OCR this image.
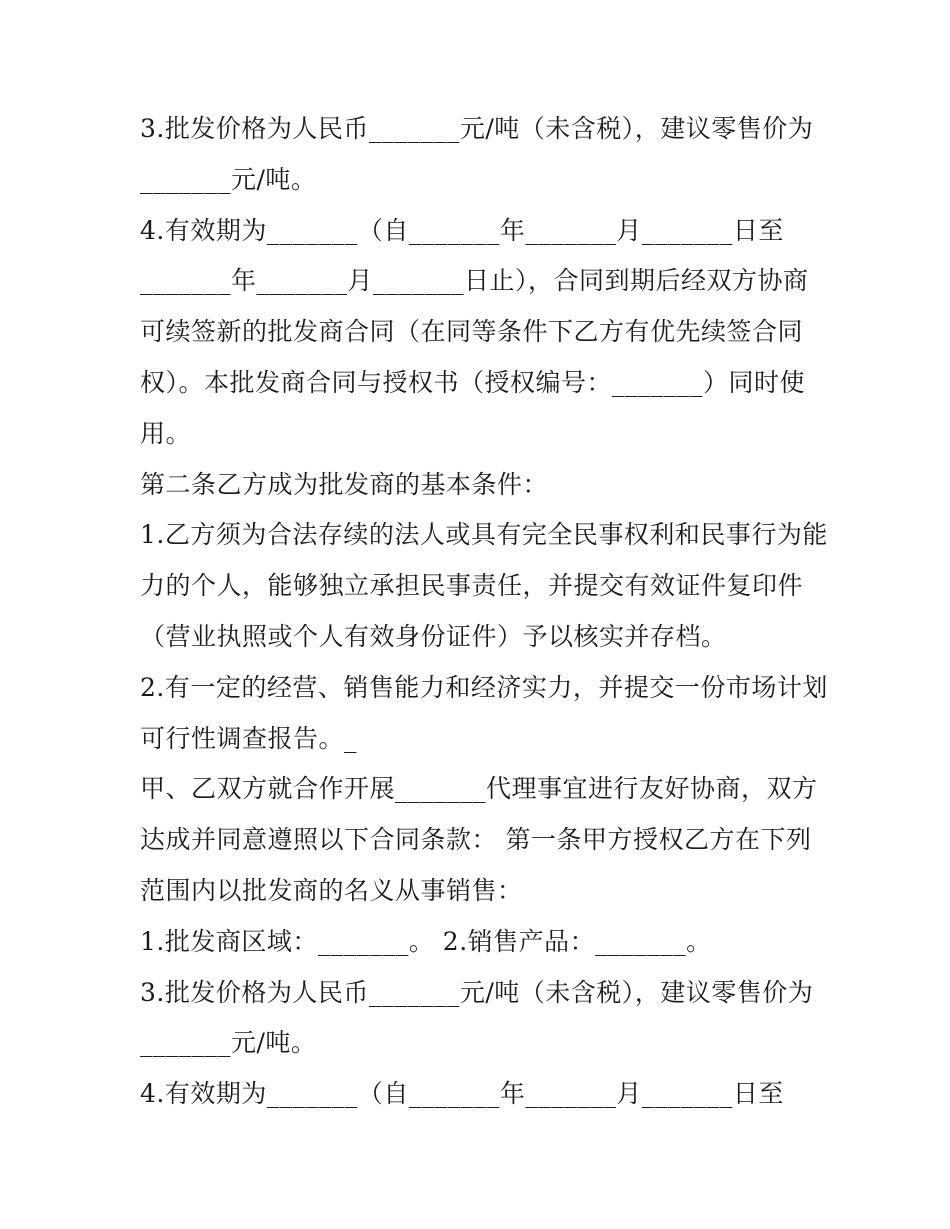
3.批发价格为人民币_______元/吨（未含税），建议零售价为
_______元/吨。
4.有效期为_______（自_______年_______月_______日至
_______年_______月_______日止），合同到期后经双方协商
可续签新的批发商合同（在同等条件下乙方有优先续签合同
权）。本批发商合同与授权书（授权编号：_______）同时使
用。
第二条乙方成为批发商的基本条件：
1.乙方须为合法存续的法人或具有完全民事权利和民事行为能
力的个人，能够独立承担民事责任，并提交有效证件复印件
（营业执照或个人有效身份证件）予以核实并存档。
2.有一定的经营、销售能力和经济实力，并提交一份市场计划
可行性调查报告。_
甲、乙双方就合作开展_______代理事宜进行友好协商，双方
达成并同意遵照以下合同条款： 第一条甲方授权乙方在下列
范围内以批发商的名义从事销售：
1.批发商区域：_______。 2.销售产品：_______。
3.批发价格为人民币_______元/吨（未含税），建议零售价为
_______元/吨。
4.有效期为_______（自_______年_______月_______日至
